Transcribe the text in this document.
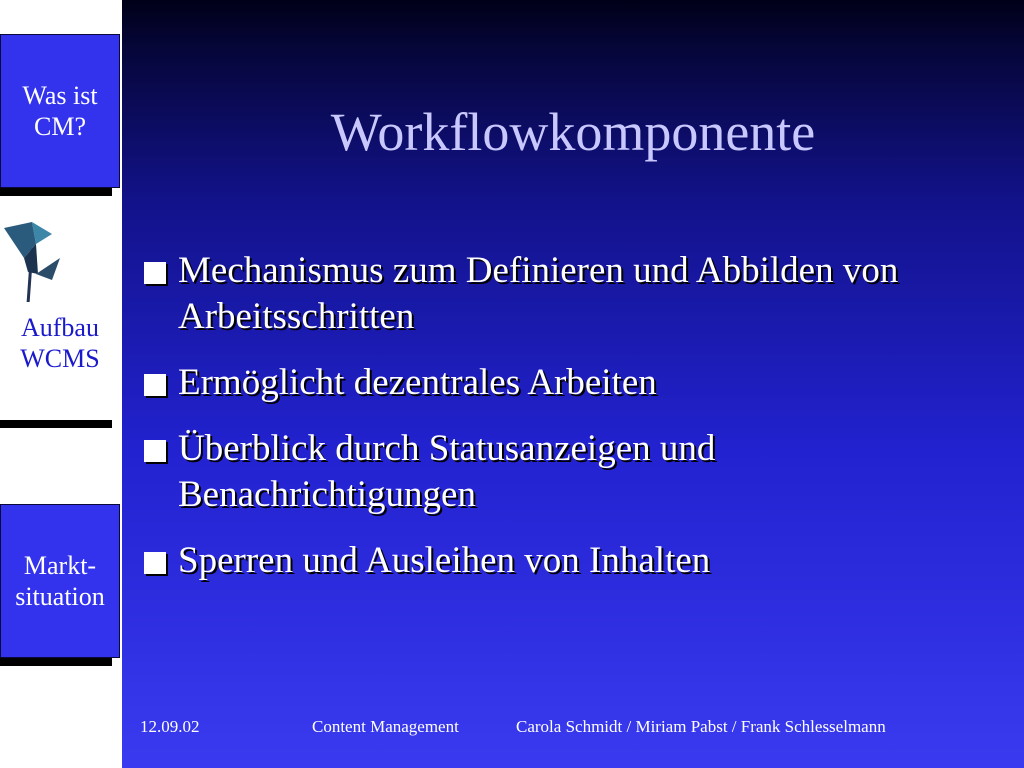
Was ist
CM?
Aufbau
WCMS
Markt-
situation
Workflowkomponente
Mechanismus zum Definieren und Abbilden von Arbeitsschritten
Ermöglicht dezentrales Arbeiten
Überblick durch Statusanzeigen und Benachrichtigungen
Sperren und Ausleihen von Inhalten
12.09.02	Content Management	Carola Schmidt / Miriam Pabst / Frank Schlesselmann
